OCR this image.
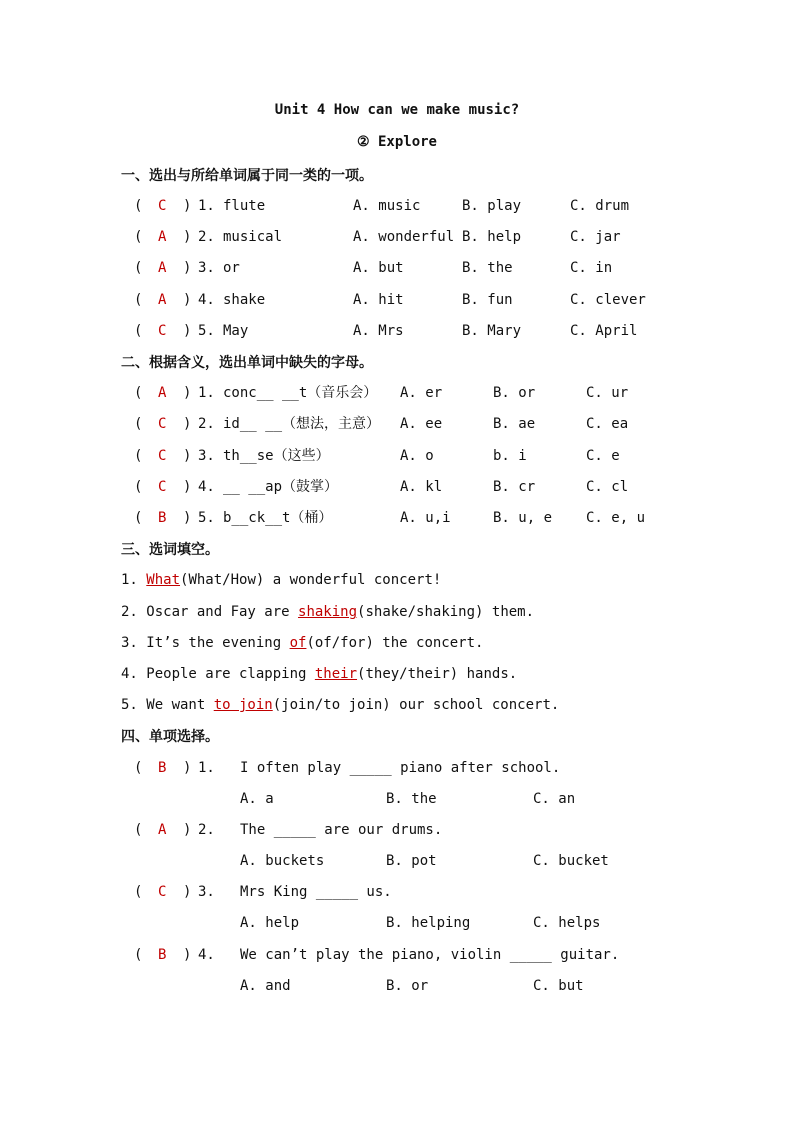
Unit 4 How can we make music?
② Explore
一、选出与所给单词属于同一类的一项。
( C ) 1. flute	A. music	B. play	C. drum
( A ) 2. musical	A. wonderful B. help	C. jar
( A ) 3. or	A. but	B. the	C. in
( A ) 4. shake	A. hit	B. fun	C. clever
( C ) 5. May	A. Mrs	B. Mary	C. April
二、根据含义，选出单词中缺失的字母。
( A ) 1. conc__ __t（音乐会） A. er	B. or	C. ur
( C ) 2. id__ __（想法，主意） A. ee	B. ae	C. ea
( C ) 3. th__se（这些）	A. o	b. i	C. e
( C ) 4. __ __ap（鼓掌）	A. kl	B. cr	C. cl
( B ) 5. b__ck__t（桶）	A. u,i	B. u, e C. e, u
三、选词填空。
1. What(What/How) a wonderful concert!
2. Oscar and Fay are shaking(shake/shaking) them.
3. It’s the evening of(of/for) the concert.
4. People are clapping their(they/their) hands.
5. We want to join(join/to join) our school concert.
四、单项选择。
( B ) 1. I often play _____ piano after school.
A. a	B. the	C. an
( A ) 2. The _____ are our drums.
A. buckets	B. pot	C. bucket
( C ) 3. Mrs King _____ us.
A. help	B. helping	C. helps
( B ) 4. We can’t play the piano, violin _____ guitar.
A. and	B. or	C. but
